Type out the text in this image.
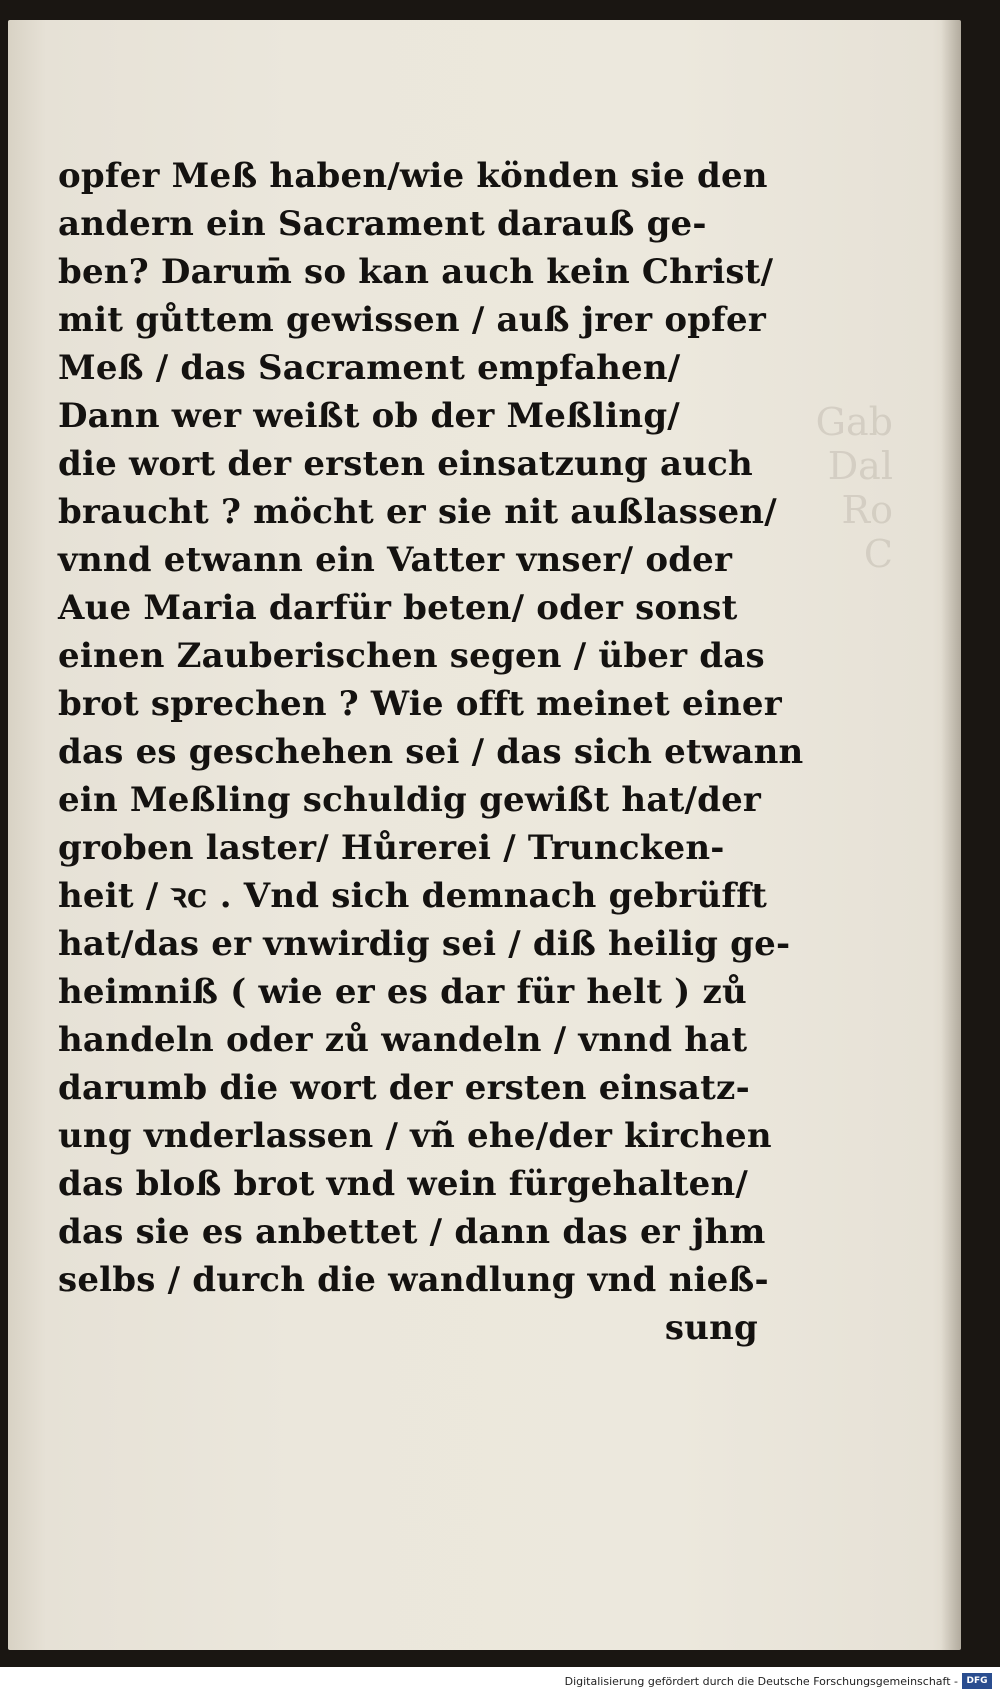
Gab
Dal
Ro
C
opfer Meß haben/wie könden sie den
andern ein Sacrament darauß ge-
ben? Darum̄ so kan auch kein Christ/
mit gůttem gewissen / auß jrer opfer
Meß / das Sacrament empfahen/
Dann wer weißt ob der Meßling/
die wort der ersten einsatzung auch
braucht ? möcht er sie nit außlassen/
vnnd etwann ein Vatter vnser/ oder
Aue Maria darfür beten/ oder sonst
einen Zauberischen segen / über das
brot sprechen ? Wie offt meinet einer
das es geschehen sei / das sich etwann
ein Meßling schuldig gewißt hat/der
groben laster/ Hůrerei / Truncken-
heit / ꝛc . Vnd sich demnach gebrüfft
hat/das er vnwirdig sei / diß heilig ge-
heimniß ( wie er es dar für helt ) zů
handeln oder zů wandeln / vnnd hat
darumb die wort der ersten einsatz-
ung vnderlassen / vñ ehe/der kirchen
das bloß brot vnd wein fürgehalten/
das sie es anbettet / dann das er jhm
selbs / durch die wandlung vnd nieß-
sung
Digitalisierung gefördert durch die Deutsche Forschungsgemeinschaft - DFG
